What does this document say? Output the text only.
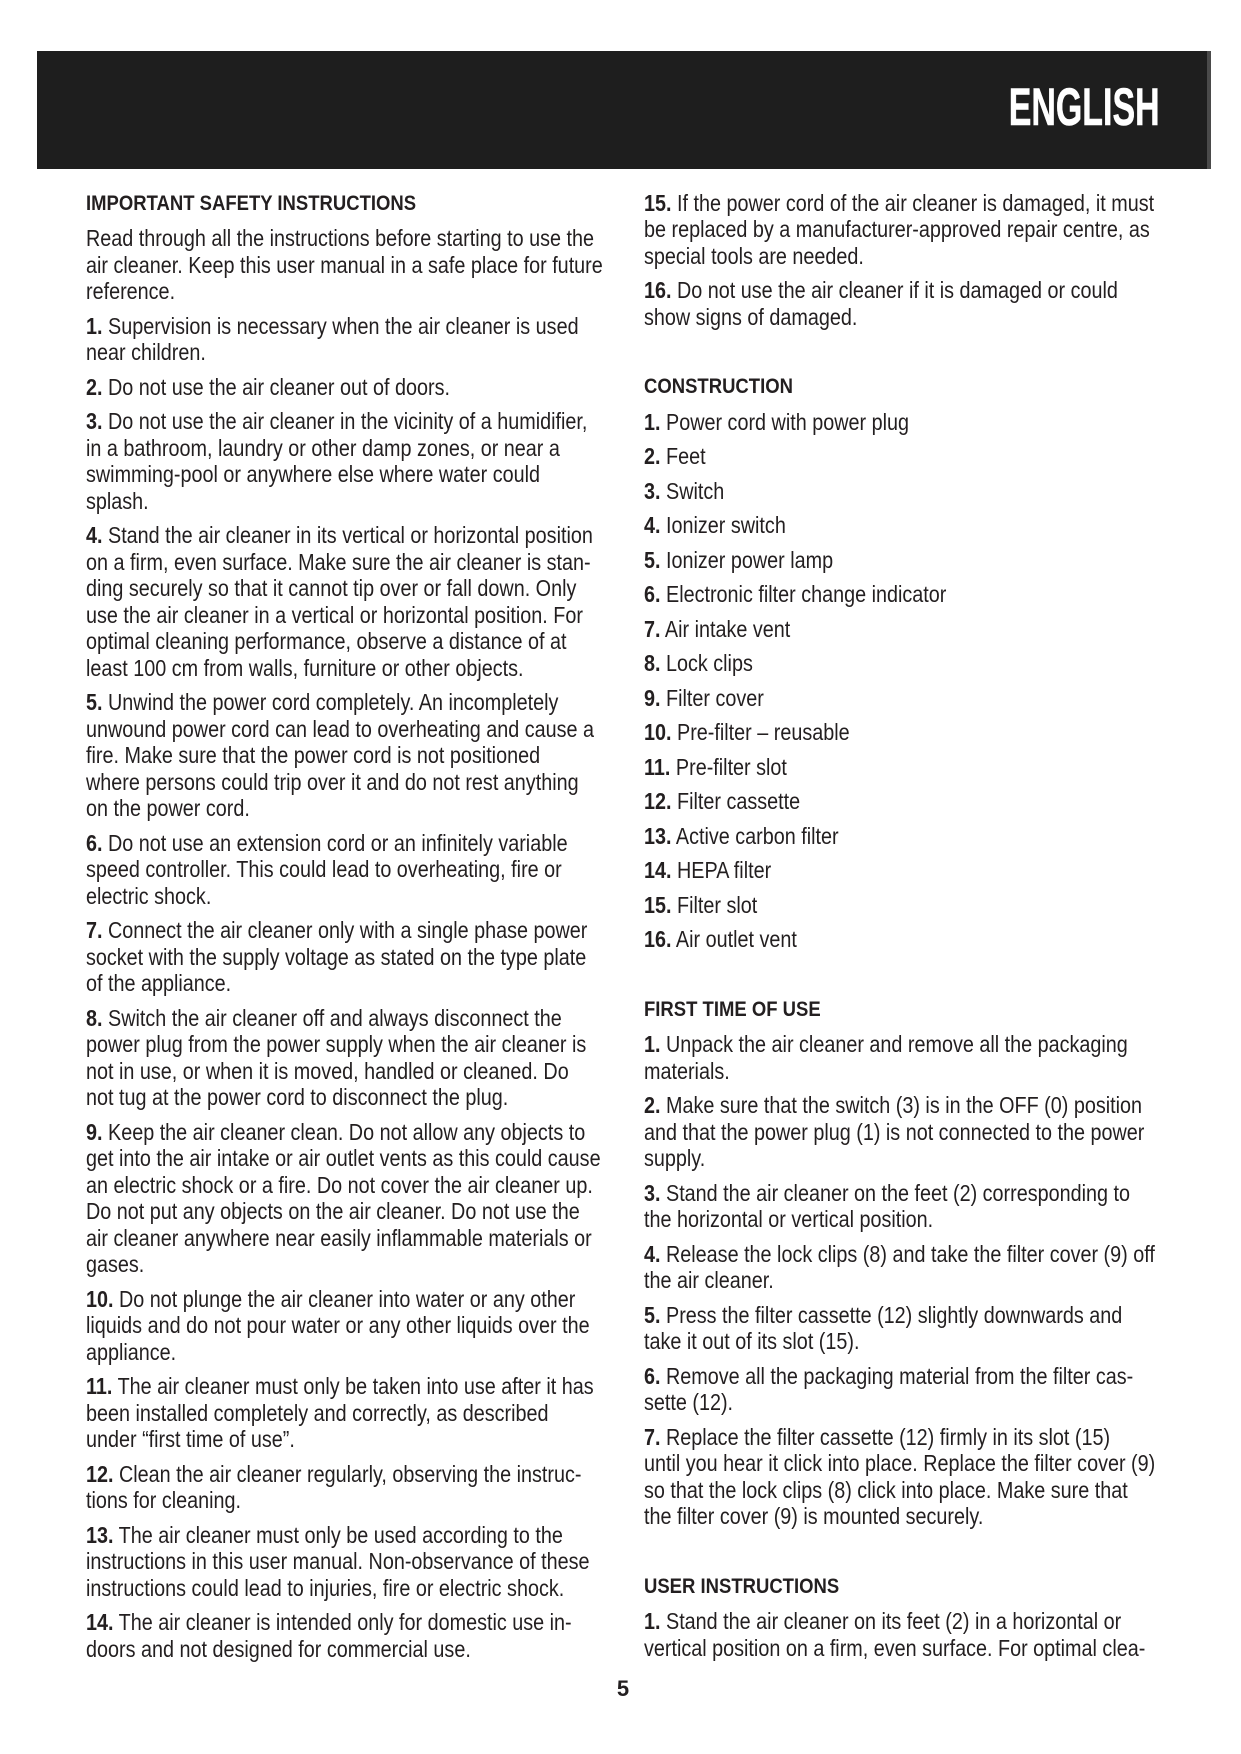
ENGLISH
IMPORTANT SAFETY INSTRUCTIONS
Read through all the instructions before starting to use the
air cleaner. Keep this user manual in a safe place for future
reference.
1. Supervision is necessary when the air cleaner is used
near children.
2. Do not use the air cleaner out of doors.
3. Do not use the air cleaner in the vicinity of a humidifier,
in a bathroom, laundry or other damp zones, or near a
swimming-pool or anywhere else where water could
splash.
4. Stand the air cleaner in its vertical or horizontal position
on a firm, even surface. Make sure the air cleaner is stan-
ding securely so that it cannot tip over or fall down. Only
use the air cleaner in a vertical or horizontal position. For
optimal cleaning performance, observe a distance of at
least 100 cm from walls, furniture or other objects.
5. Unwind the power cord completely. An incompletely
unwound power cord can lead to overheating and cause a
fire. Make sure that the power cord is not positioned
where persons could trip over it and do not rest anything
on the power cord.
6. Do not use an extension cord or an infinitely variable
speed controller. This could lead to overheating, fire or
electric shock.
7. Connect the air cleaner only with a single phase power
socket with the supply voltage as stated on the type plate
of the appliance.
8. Switch the air cleaner off and always disconnect the
power plug from the power supply when the air cleaner is
not in use, or when it is moved, handled or cleaned. Do
not tug at the power cord to disconnect the plug.
9. Keep the air cleaner clean. Do not allow any objects to
get into the air intake or air outlet vents as this could cause
an electric shock or a fire. Do not cover the air cleaner up.
Do not put any objects on the air cleaner. Do not use the
air cleaner anywhere near easily inflammable materials or
gases.
10. Do not plunge the air cleaner into water or any other
liquids and do not pour water or any other liquids over the
appliance.
11. The air cleaner must only be taken into use after it has
been installed completely and correctly, as described
under “first time of use”.
12. Clean the air cleaner regularly, observing the instruc-
tions for cleaning.
13. The air cleaner must only be used according to the
instructions in this user manual. Non-observance of these
instructions could lead to injuries, fire or electric shock.
14. The air cleaner is intended only for domestic use in-
doors and not designed for commercial use.
15. If the power cord of the air cleaner is damaged, it must
be replaced by a manufacturer-approved repair centre, as
special tools are needed.
16. Do not use the air cleaner if it is damaged or could
show signs of damaged.
CONSTRUCTION
1. Power cord with power plug
2. Feet
3. Switch
4. Ionizer switch
5. Ionizer power lamp
6. Electronic filter change indicator
7. Air intake vent
8. Lock clips
9. Filter cover
10. Pre-filter – reusable
11. Pre-filter slot
12. Filter cassette
13. Active carbon filter
14. HEPA filter
15. Filter slot
16. Air outlet vent
FIRST TIME OF USE
1. Unpack the air cleaner and remove all the packaging
materials.
2. Make sure that the switch (3) is in the OFF (0) position
and that the power plug (1) is not connected to the power
supply.
3. Stand the air cleaner on the feet (2) corresponding to
the horizontal or vertical position.
4. Release the lock clips (8) and take the filter cover (9) off
the air cleaner.
5. Press the filter cassette (12) slightly downwards and
take it out of its slot (15).
6. Remove all the packaging material from the filter cas-
sette (12).
7. Replace the filter cassette (12) firmly in its slot (15)
until you hear it click into place. Replace the filter cover (9)
so that the lock clips (8) click into place. Make sure that
the filter cover (9) is mounted securely.
USER INSTRUCTIONS
1. Stand the air cleaner on its feet (2) in a horizontal or
vertical position on a firm, even surface. For optimal clea-
5
